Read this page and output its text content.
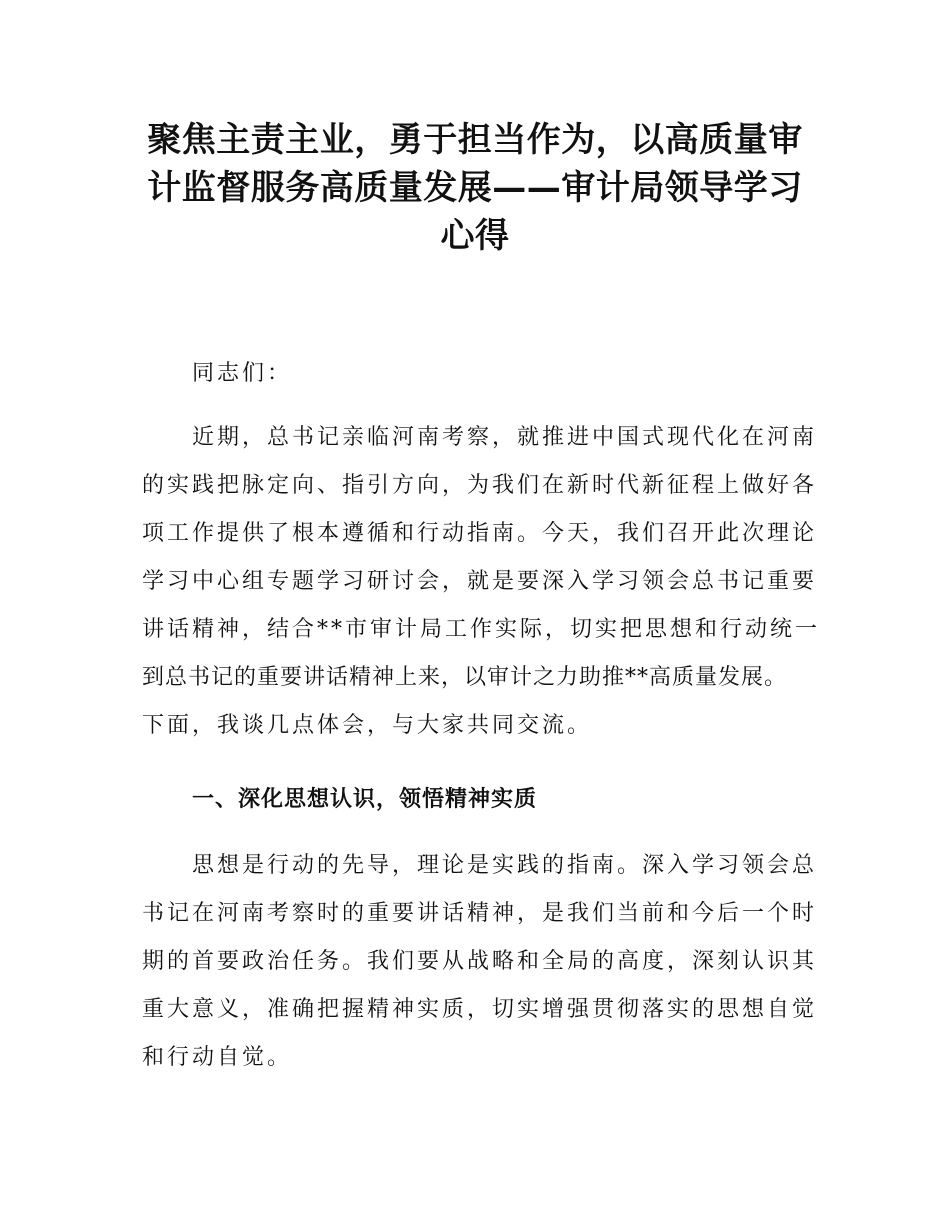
聚焦主责主业，勇于担当作为，以高质量审
计监督服务高质量发展——审计局领导学习
心得

同志们：

近期，总书记亲临河南考察，就推进中国式现代化在河南
的实践把脉定向、指引方向，为我们在新时代新征程上做好各
项工作提供了根本遵循和行动指南。今天，我们召开此次理论
学习中心组专题学习研讨会，就是要深入学习领会总书记重要
讲话精神，结合**市审计局工作实际，切实把思想和行动统一
到总书记的重要讲话精神上来，以审计之力助推**高质量发展。
下面，我谈几点体会，与大家共同交流。

一、深化思想认识，领悟精神实质

思想是行动的先导，理论是实践的指南。深入学习领会总
书记在河南考察时的重要讲话精神，是我们当前和今后一个时
期的首要政治任务。我们要从战略和全局的高度，深刻认识其
重大意义，准确把握精神实质，切实增强贯彻落实的思想自觉
和行动自觉。
